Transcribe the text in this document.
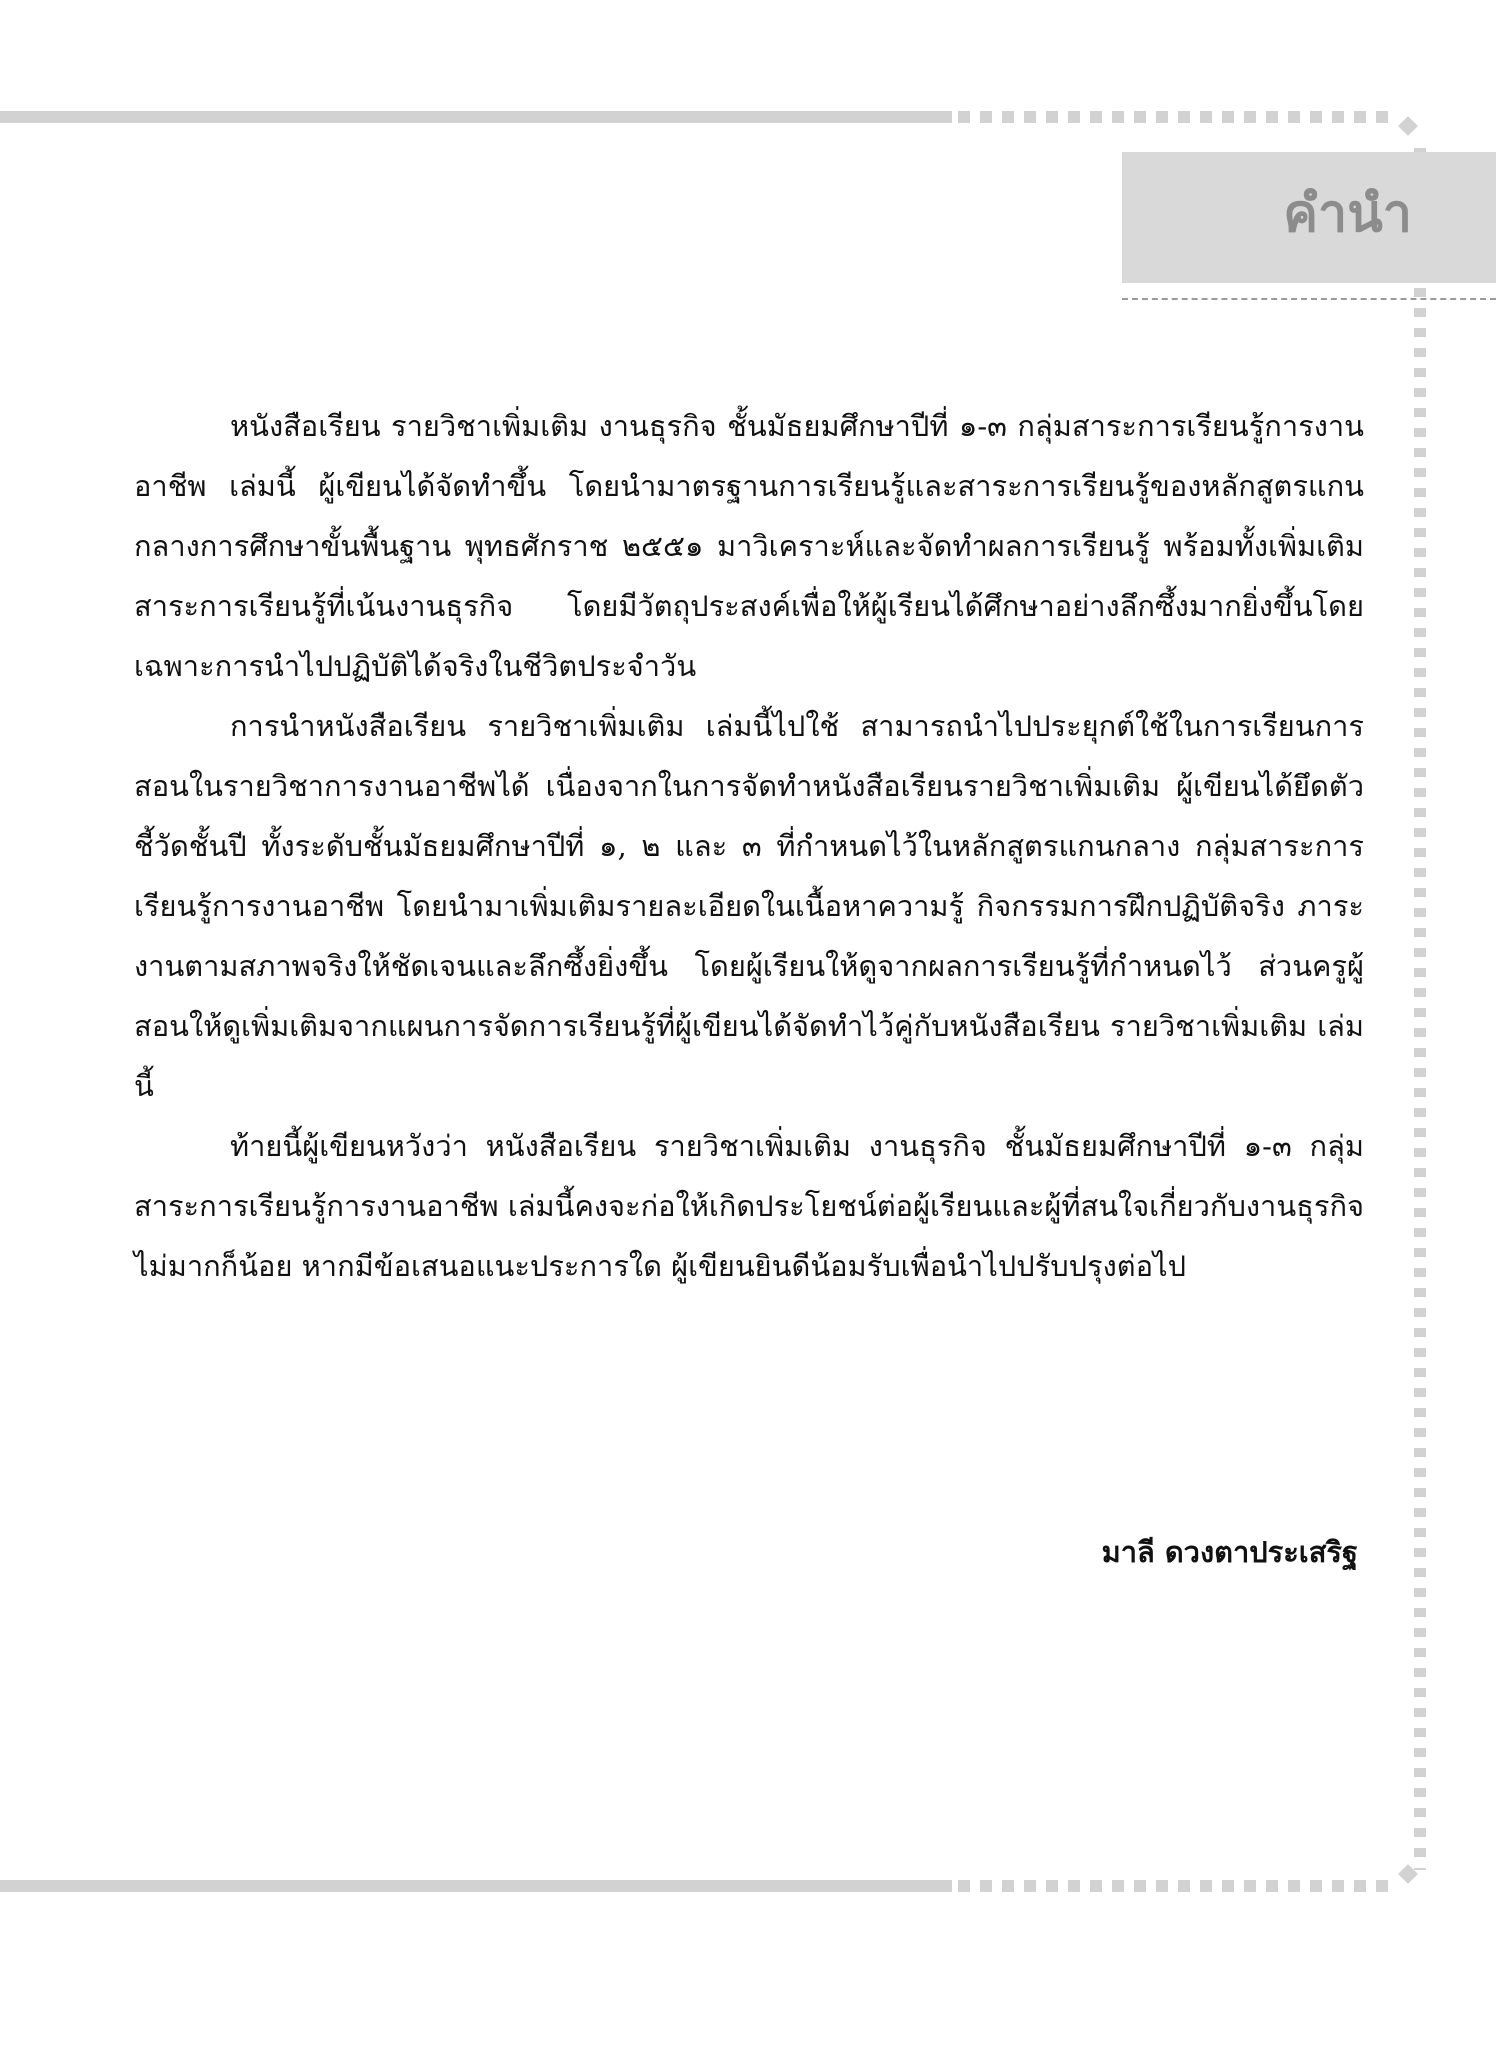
คำนำ

หนังสือเรียน รายวิชาเพิ่มเติม งานธุรกิจ ชั้นมัธยมศึกษาปีที่ ๑-๓ กลุ่มสาระการเรียนรู้การงานอาชีพ เล่มนี้ ผู้เขียนได้จัดทำขึ้น โดยนำมาตรฐานการเรียนรู้และสาระการเรียนรู้ของหลักสูตรแกนกลางการศึกษาขั้นพื้นฐาน พุทธศักราช ๒๕๕๑ มาวิเคราะห์และจัดทำผลการเรียนรู้ พร้อมทั้งเพิ่มเติมสาระการเรียนรู้ที่เน้นงานธุรกิจ โดยมีวัตถุประสงค์เพื่อให้ผู้เรียนได้ศึกษาอย่างลึกซึ้งมากยิ่งขึ้นโดยเฉพาะการนำไปปฏิบัติได้จริงในชีวิตประจำวัน

การนำหนังสือเรียน รายวิชาเพิ่มเติม เล่มนี้ไปใช้ สามารถนำไปประยุกต์ใช้ในการเรียนการสอนในรายวิชาการงานอาชีพได้ เนื่องจากในการจัดทำหนังสือเรียนรายวิชาเพิ่มเติม ผู้เขียนได้ยึดตัวชี้วัดชั้นปี ทั้งระดับชั้นมัธยมศึกษาปีที่ ๑, ๒ และ ๓ ที่กำหนดไว้ในหลักสูตรแกนกลาง กลุ่มสาระการเรียนรู้การงานอาชีพ โดยนำมาเพิ่มเติมรายละเอียดในเนื้อหาความรู้ กิจกรรมการฝึกปฏิบัติจริง ภาระงานตามสภาพจริงให้ชัดเจนและลึกซึ้งยิ่งขึ้น โดยผู้เรียนให้ดูจากผลการเรียนรู้ที่กำหนดไว้ ส่วนครูผู้สอนให้ดูเพิ่มเติมจากแผนการจัดการเรียนรู้ที่ผู้เขียนได้จัดทำไว้คู่กับหนังสือเรียน รายวิชาเพิ่มเติม เล่มนี้

ท้ายนี้ผู้เขียนหวังว่า หนังสือเรียน รายวิชาเพิ่มเติม งานธุรกิจ ชั้นมัธยมศึกษาปีที่ ๑-๓ กลุ่มสาระการเรียนรู้การงานอาชีพ เล่มนี้คงจะก่อให้เกิดประโยชน์ต่อผู้เรียนและผู้ที่สนใจเกี่ยวกับงานธุรกิจไม่มากก็น้อย หากมีข้อเสนอแนะประการใด ผู้เขียนยินดีน้อมรับเพื่อนำไปปรับปรุงต่อไป

มาลี ดวงตาประเสริฐ
